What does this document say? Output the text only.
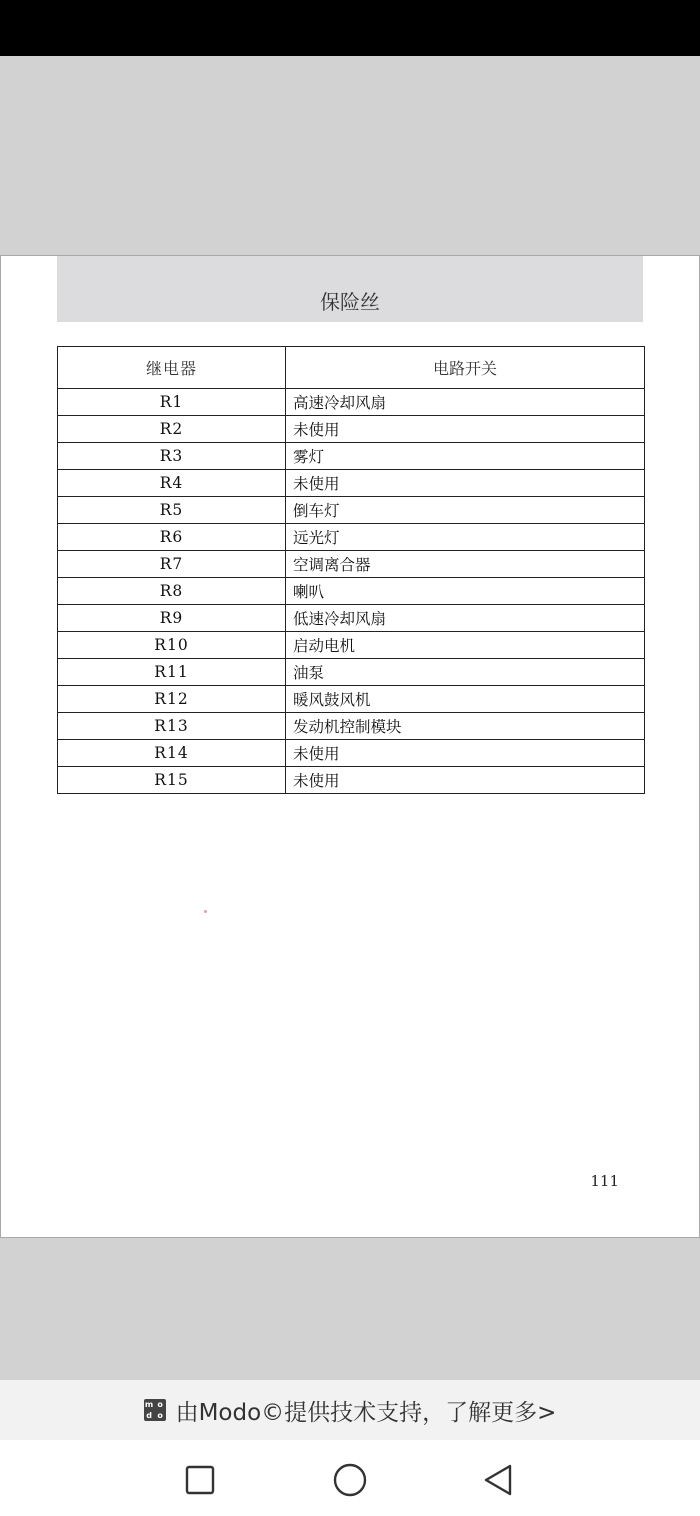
保险丝
继电器	电路开关
R1	高速冷却风扇
R2	未使用
R3	雾灯
R4	未使用
R5	倒车灯
R6	远光灯
R7	空调离合器
R8	喇叭
R9	低速冷却风扇
R10	启动电机
R11	油泵
R12	暖风鼓风机
R13	发动机控制模块
R14	未使用
R15	未使用
111
m o
d o 由Modo©提供技术支持，了解更多>
